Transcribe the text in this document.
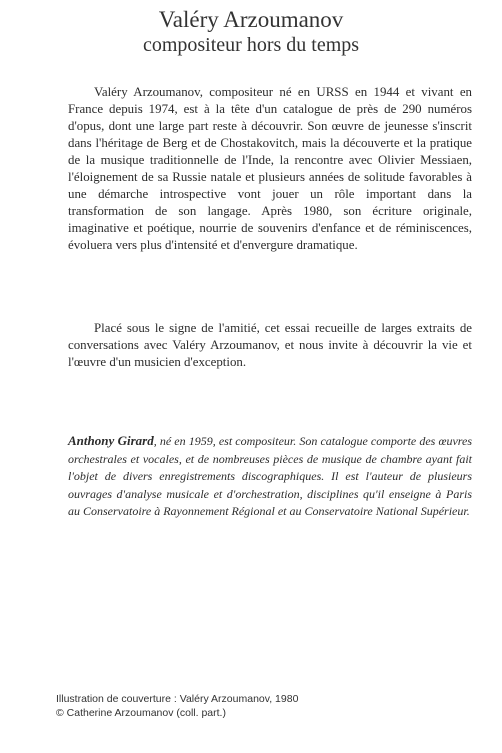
Valéry Arzoumanov
compositeur hors du temps

Valéry Arzoumanov, compositeur né en URSS en 1944 et vivant en France depuis 1974, est à la tête d'un catalogue de près de 290 numéros d'opus, dont une large part reste à découvrir. Son œuvre de jeunesse s'inscrit dans l'héritage de Berg et de Chostakovitch, mais la découverte et la pratique de la musique traditionnelle de l'Inde, la rencontre avec Olivier Messiaen, l'éloignement de sa Russie natale et plusieurs années de solitude favorables à une démarche introspective vont jouer un rôle important dans la transformation de son langage. Après 1980, son écriture originale, imaginative et poétique, nourrie de souvenirs d'enfance et de réminiscences, évoluera vers plus d'intensité et d'envergure dramatique.

Placé sous le signe de l'amitié, cet essai recueille de larges extraits de conversations avec Valéry Arzoumanov, et nous invite à découvrir la vie et l'œuvre d'un musicien d'exception.

Anthony Girard, né en 1959, est compositeur. Son catalogue comporte des œuvres orchestrales et vocales, et de nombreuses pièces de musique de chambre ayant fait l'objet de divers enregistrements discographiques. Il est l'auteur de plusieurs ouvrages d'analyse musicale et d'orchestration, disciplines qu'il enseigne à Paris au Conservatoire à Rayonnement Régional et au Conservatoire National Supérieur.

Illustration de couverture : Valéry Arzoumanov, 1980
© Catherine Arzoumanov (coll. part.)
